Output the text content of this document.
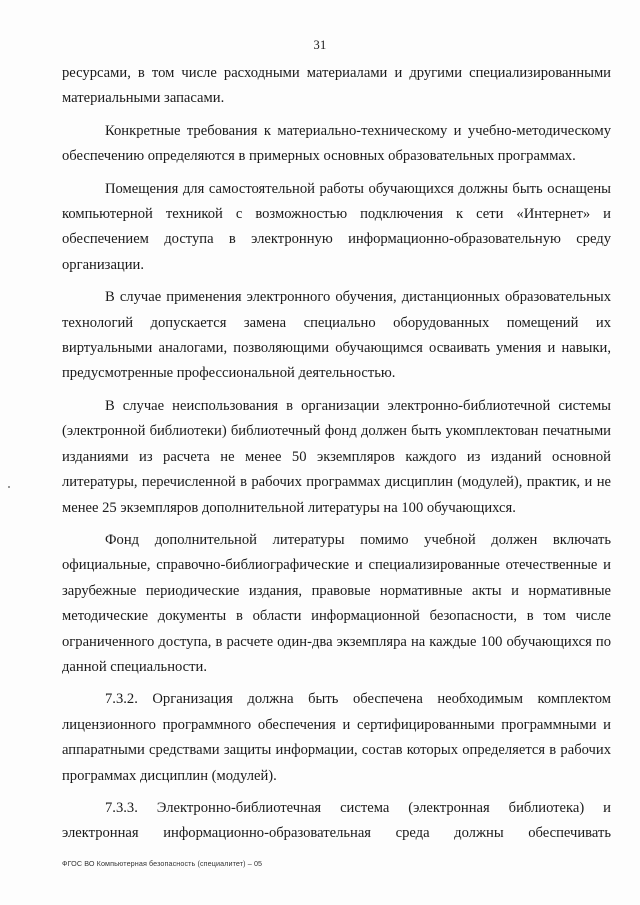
31

ресурсами, в том числе расходными материалами и другими специализированными материальными запасами.

Конкретные требования к материально-техническому и учебно-методическому обеспечению определяются в примерных основных образовательных программах.

Помещения для самостоятельной работы обучающихся должны быть оснащены компьютерной техникой с возможностью подключения к сети «Интернет» и обеспечением доступа в электронную информационно-образовательную среду организации.

В случае применения электронного обучения, дистанционных образовательных технологий допускается замена специально оборудованных помещений их виртуальными аналогами, позволяющими обучающимся осваивать умения и навыки, предусмотренные профессиональной деятельностью.

В случае неиспользования в организации электронно-библиотечной системы (электронной библиотеки) библиотечный фонд должен быть укомплектован печатными изданиями из расчета не менее 50 экземпляров каждого из изданий основной литературы, перечисленной в рабочих программах дисциплин (модулей), практик, и не менее 25 экземпляров дополнительной литературы на 100 обучающихся.

Фонд дополнительной литературы помимо учебной должен включать официальные, справочно-библиографические и специализированные отечественные и зарубежные периодические издания, правовые нормативные акты и нормативные методические документы в области информационной безопасности, в том числе ограниченного доступа, в расчете один-два экземпляра на каждые 100 обучающихся по данной специальности.

7.3.2. Организация должна быть обеспечена необходимым комплектом лицензионного программного обеспечения и сертифицированными программными и аппаратными средствами защиты информации, состав которых определяется в рабочих программах дисциплин (модулей).

7.3.3. Электронно-библиотечная система (электронная библиотека) и электронная информационно-образовательная среда должны обеспечивать

ФГОС ВО Компьютерная безопасность (специалитет) – 05
